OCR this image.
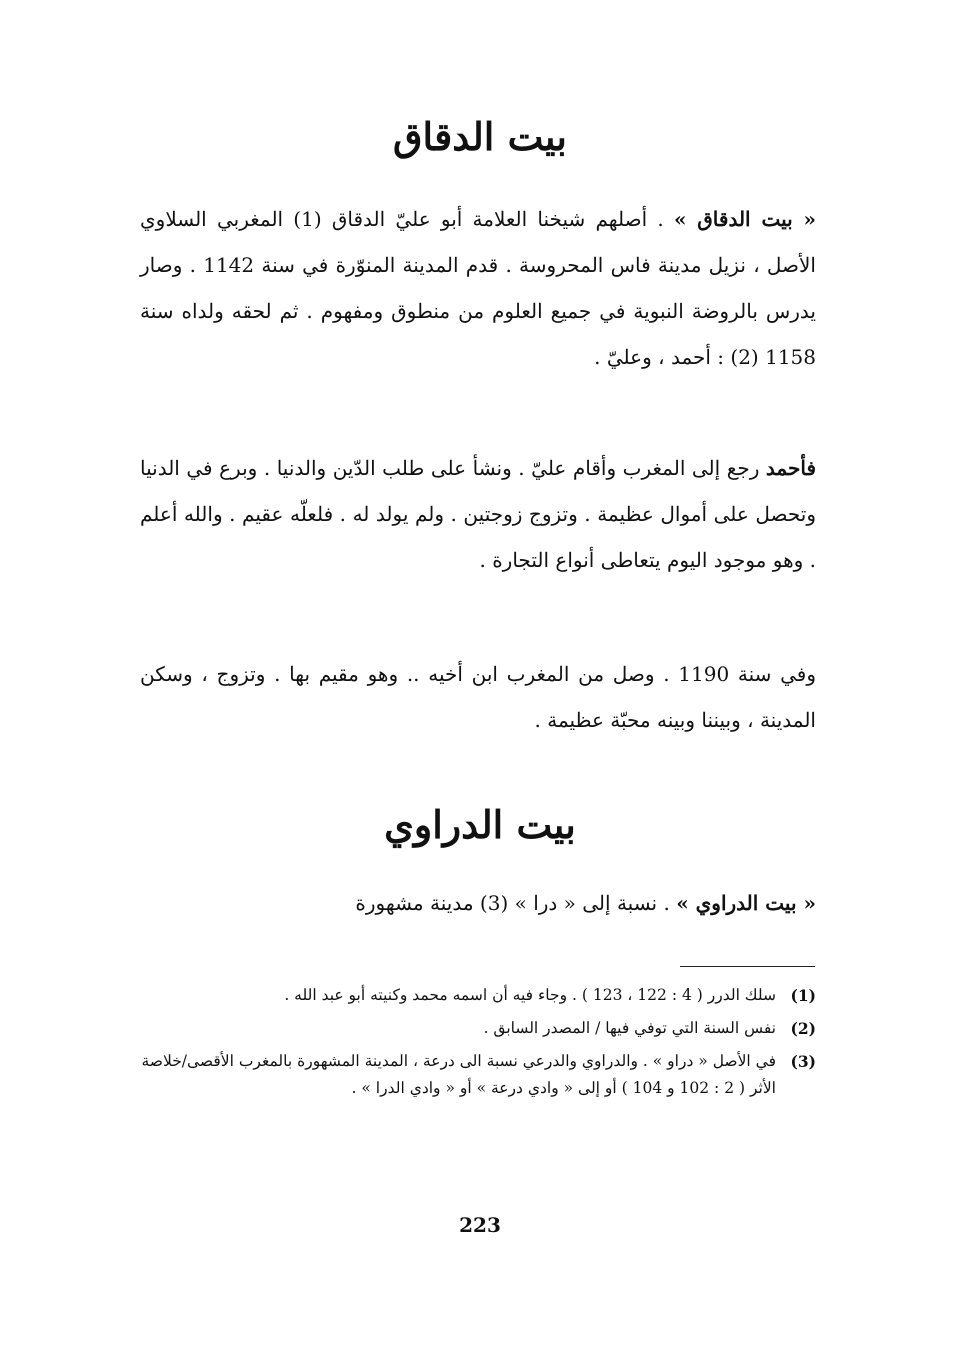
بيت الدقاق
« بيت الدقاق » . أصلهم شيخنا العلامة أبو عليّ الدقاق (1) المغربي السلاوي الأصل ، نزيل مدينة فاس المحروسة . قدم المدينة المنوّرة في سنة 1142 . وصار يدرس بالروضة النبوية في جميع العلوم من منطوق ومفهوم . ثم لحقه ولداه سنة 1158 (2) : أحمد ، وعليّ .
فأحمد رجع إلى المغرب وأقام عليّ . ونشأ على طلب الدّين والدنيا . وبرع في الدنيا وتحصل على أموال عظيمة . وتزوج زوجتين . ولم يولد له . فلعلّه عقيم . والله أعلم . وهو موجود اليوم يتعاطى أنواع التجارة .
وفي سنة 1190 . وصل من المغرب ابن أخيه .. وهو مقيم بها . وتزوج ، وسكن المدينة ، وبيننا وبينه محبّة عظيمة .
بيت الدراوي
« بيت الدراوي » . نسبة إلى « درا » (3) مدينة مشهورة
(1)
سلك الدرر ( 4 : 122 ، 123 ) . وجاء فيه أن اسمه محمد وكنيته أبو عبد الله .
(2)
نفس السنة التي توفي فيها / المصدر السابق .
(3)
في الأصل « دراو » . والدراوي والدرعي نسبة الى درعة ، المدينة المشهورة بالمغرب الأقصى/خلاصة الأثر ( 2 : 102 و 104 ) أو إلى « وادي درعة » أو « وادي الدرا » .
223
